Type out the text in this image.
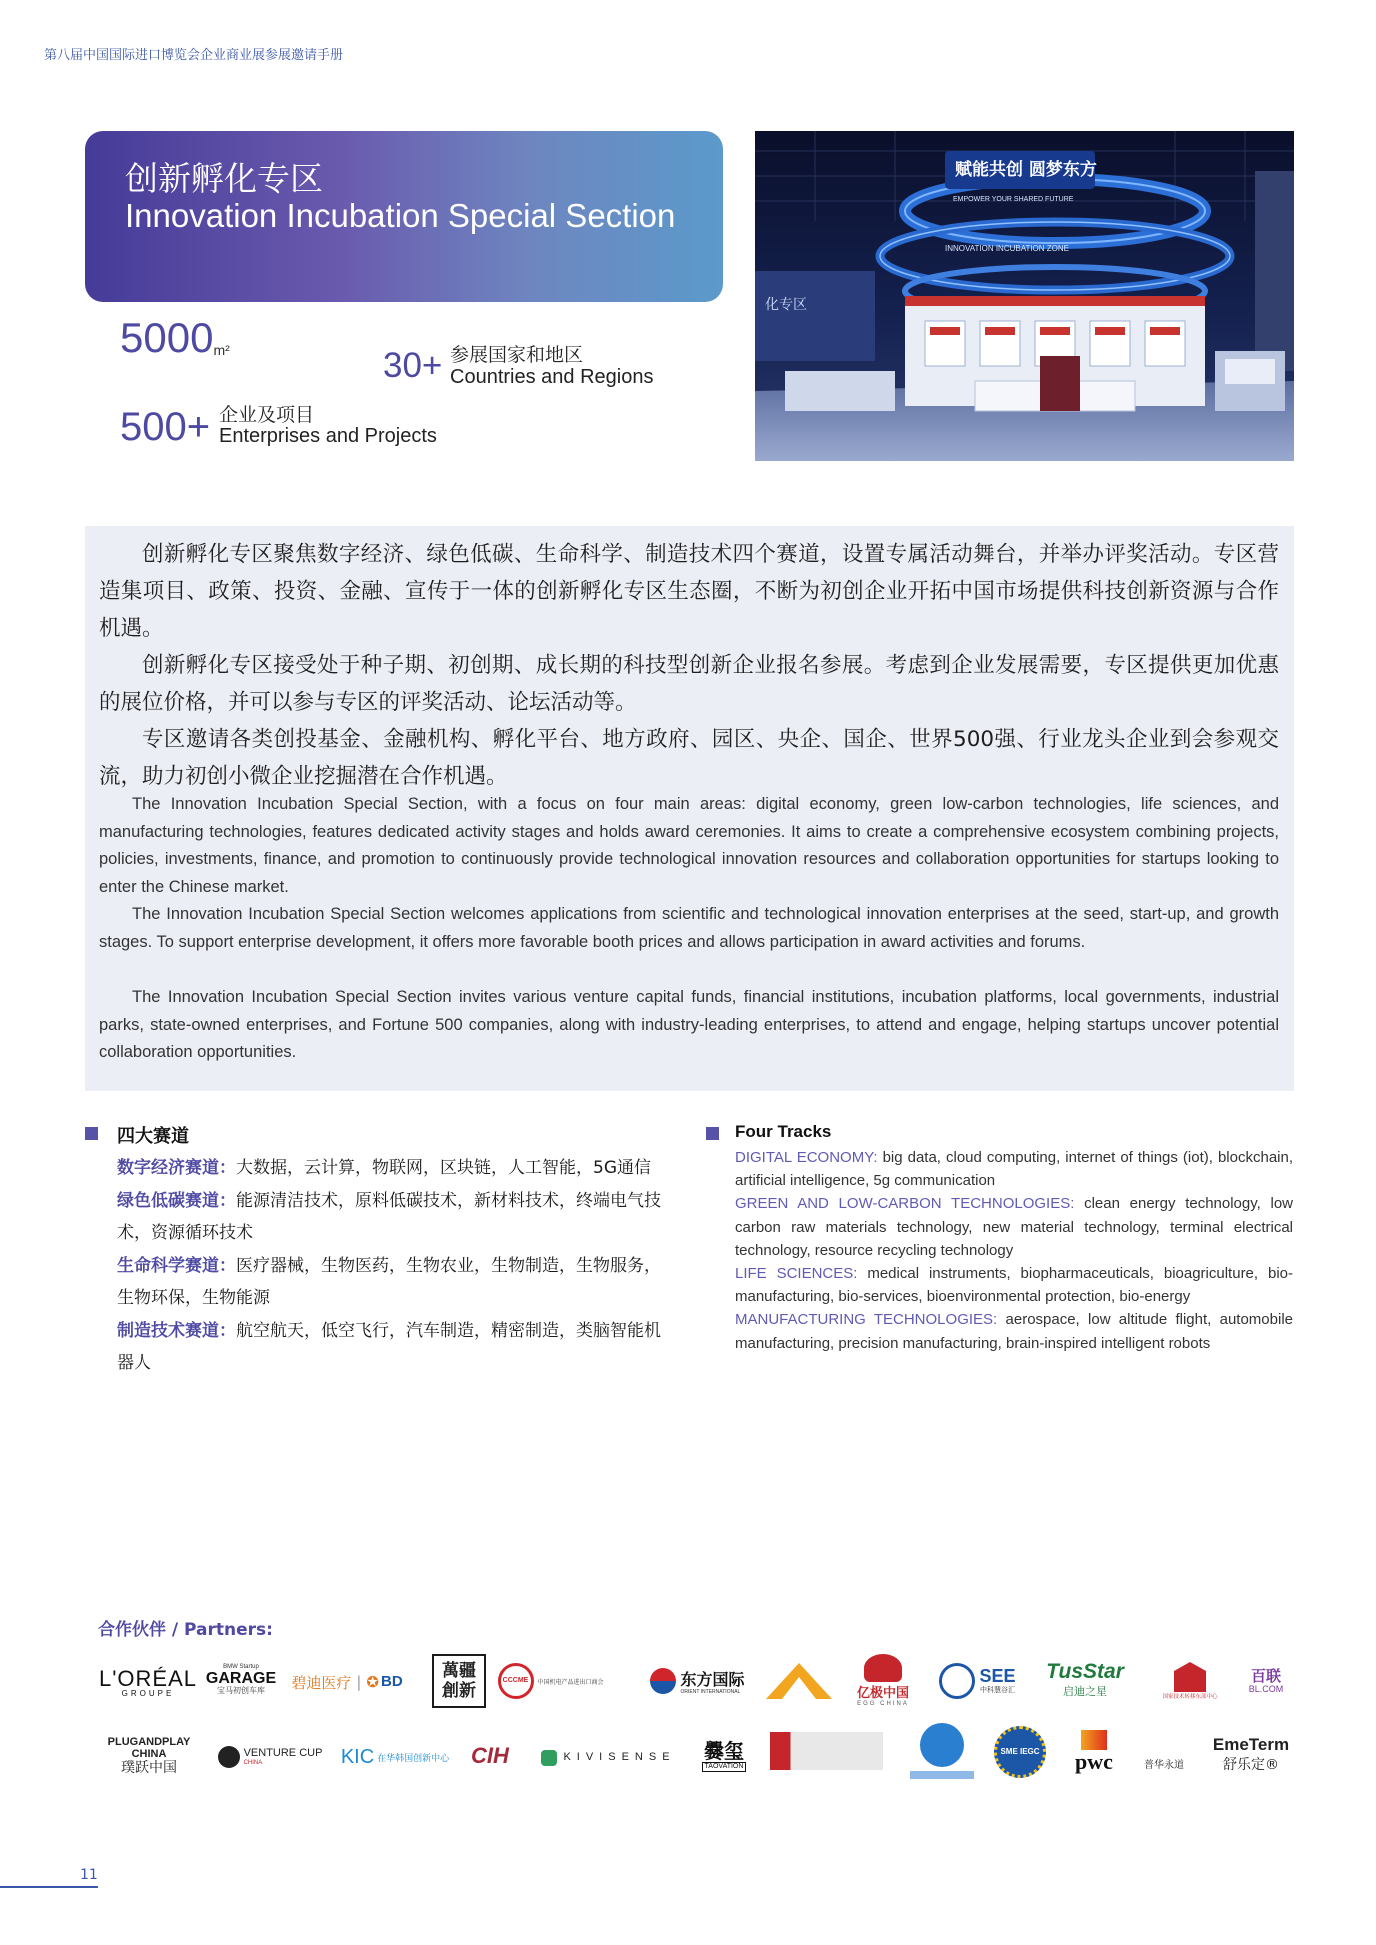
第八届中国国际进口博览会企业商业展参展邀请手册
创新孵化专区
Innovation Incubation Special Section
$5000^{m^2}$	30+ 参展国家和地区
Countries and Regions
500+ 企业及项目
Enterprises and Projects
化专区
INNOVATION INCUBATION ZONE
赋能共创 圆梦东方
EMPOWER YOUR SHARED FUTURE

创新孵化专区聚焦数字经济、绿色低碳、生命科学、制造技术四个赛道，设置专属活动舞台，并举办评奖活动。专区营造集项目、政策、投资、金融、宣传于一体的创新孵化专区生态圈，不断为初创企业开拓中国市场提供科技创新资源与合作机遇。

创新孵化专区接受处于种子期、初创期、成长期的科技型创新企业报名参展。考虑到企业发展需要，专区提供更加优惠的展位价格，并可以参与专区的评奖活动、论坛活动等。

专区邀请各类创投基金、金融机构、孵化平台、地方政府、园区、央企、国企、世界500强、行业龙头企业到会参观交流，助力初创小微企业挖掘潜在合作机遇。

The Innovation Incubation Special Section, with a focus on four main areas: digital economy, green low-carbon technologies, life sciences, and manufacturing technologies, features dedicated activity stages and holds award ceremonies. It aims to create a comprehensive ecosystem combining projects, policies, investments, finance, and promotion to continuously provide technological innovation resources and collaboration opportunities for startups looking to enter the Chinese market.

The Innovation Incubation Special Section welcomes applications from scientific and technological innovation enterprises at the seed, start-up, and growth stages. To support enterprise development, it offers more favorable booth prices and allows participation in award activities and forums.

The Innovation Incubation Special Section invites various venture capital funds, financial institutions, incubation platforms, local governments, industrial parks, state-owned enterprises, and Fortune 500 companies, along with industry-leading enterprises, to attend and engage, helping startups uncover potential collaboration opportunities.

四大赛道
数字经济赛道：大数据，云计算，物联网，区块链，人工智能，5G通信
绿色低碳赛道：能源清洁技术，原料低碳技术，新材料技术，终端电气技术，资源循环技术
生命科学赛道：医疗器械，生物医药，生物农业，生物制造，生物服务，生物环保，生物能源
制造技术赛道：航空航天，低空飞行，汽车制造，精密制造，类脑智能机器人
Four Tracks
DIGITAL ECONOMY: big data, cloud computing, internet of things (iot), blockchain, artificial intelligence, 5g communication
GREEN AND LOW-CARBON TECHNOLOGIES: clean energy technology, low carbon raw materials technology, new material technology, terminal electrical technology, resource recycling technology
LIFE SCIENCES: medical instruments, biopharmaceuticals, bioagriculture, bio-manufacturing, bio-services, bioenvironmental protection, bio-energy
MANUFACTURING TECHNOLOGIES: aerospace, low altitude flight, automobile manufacturing, precision manufacturing, brain-inspired intelligent robots
合作伙伴 / Partners:
L'ORÉAL
GROUPE
BMW Startup
GARAGE
宝马初创车库 碧迪医疗 | ✪ BD
萬疆
創新
CCCME	中国机电产品进出口商会	东方国际
ORIENT INTERNATIONAL	亿极中国
EGG CHINA
SEE
中科慧谷汇
TusStar
启迪之星	国家技术转移东部中心
百联
BL.COM
PLUGANDPLAY CHINA
璞跃中国
VENTURE CUP
CHINA	KIC 在华韩国创新中心 CIH	KIVISENSE 爨玺
TAOVATION
SME IEGC pwc	普华永道
EmeTerm
舒乐定®
11
